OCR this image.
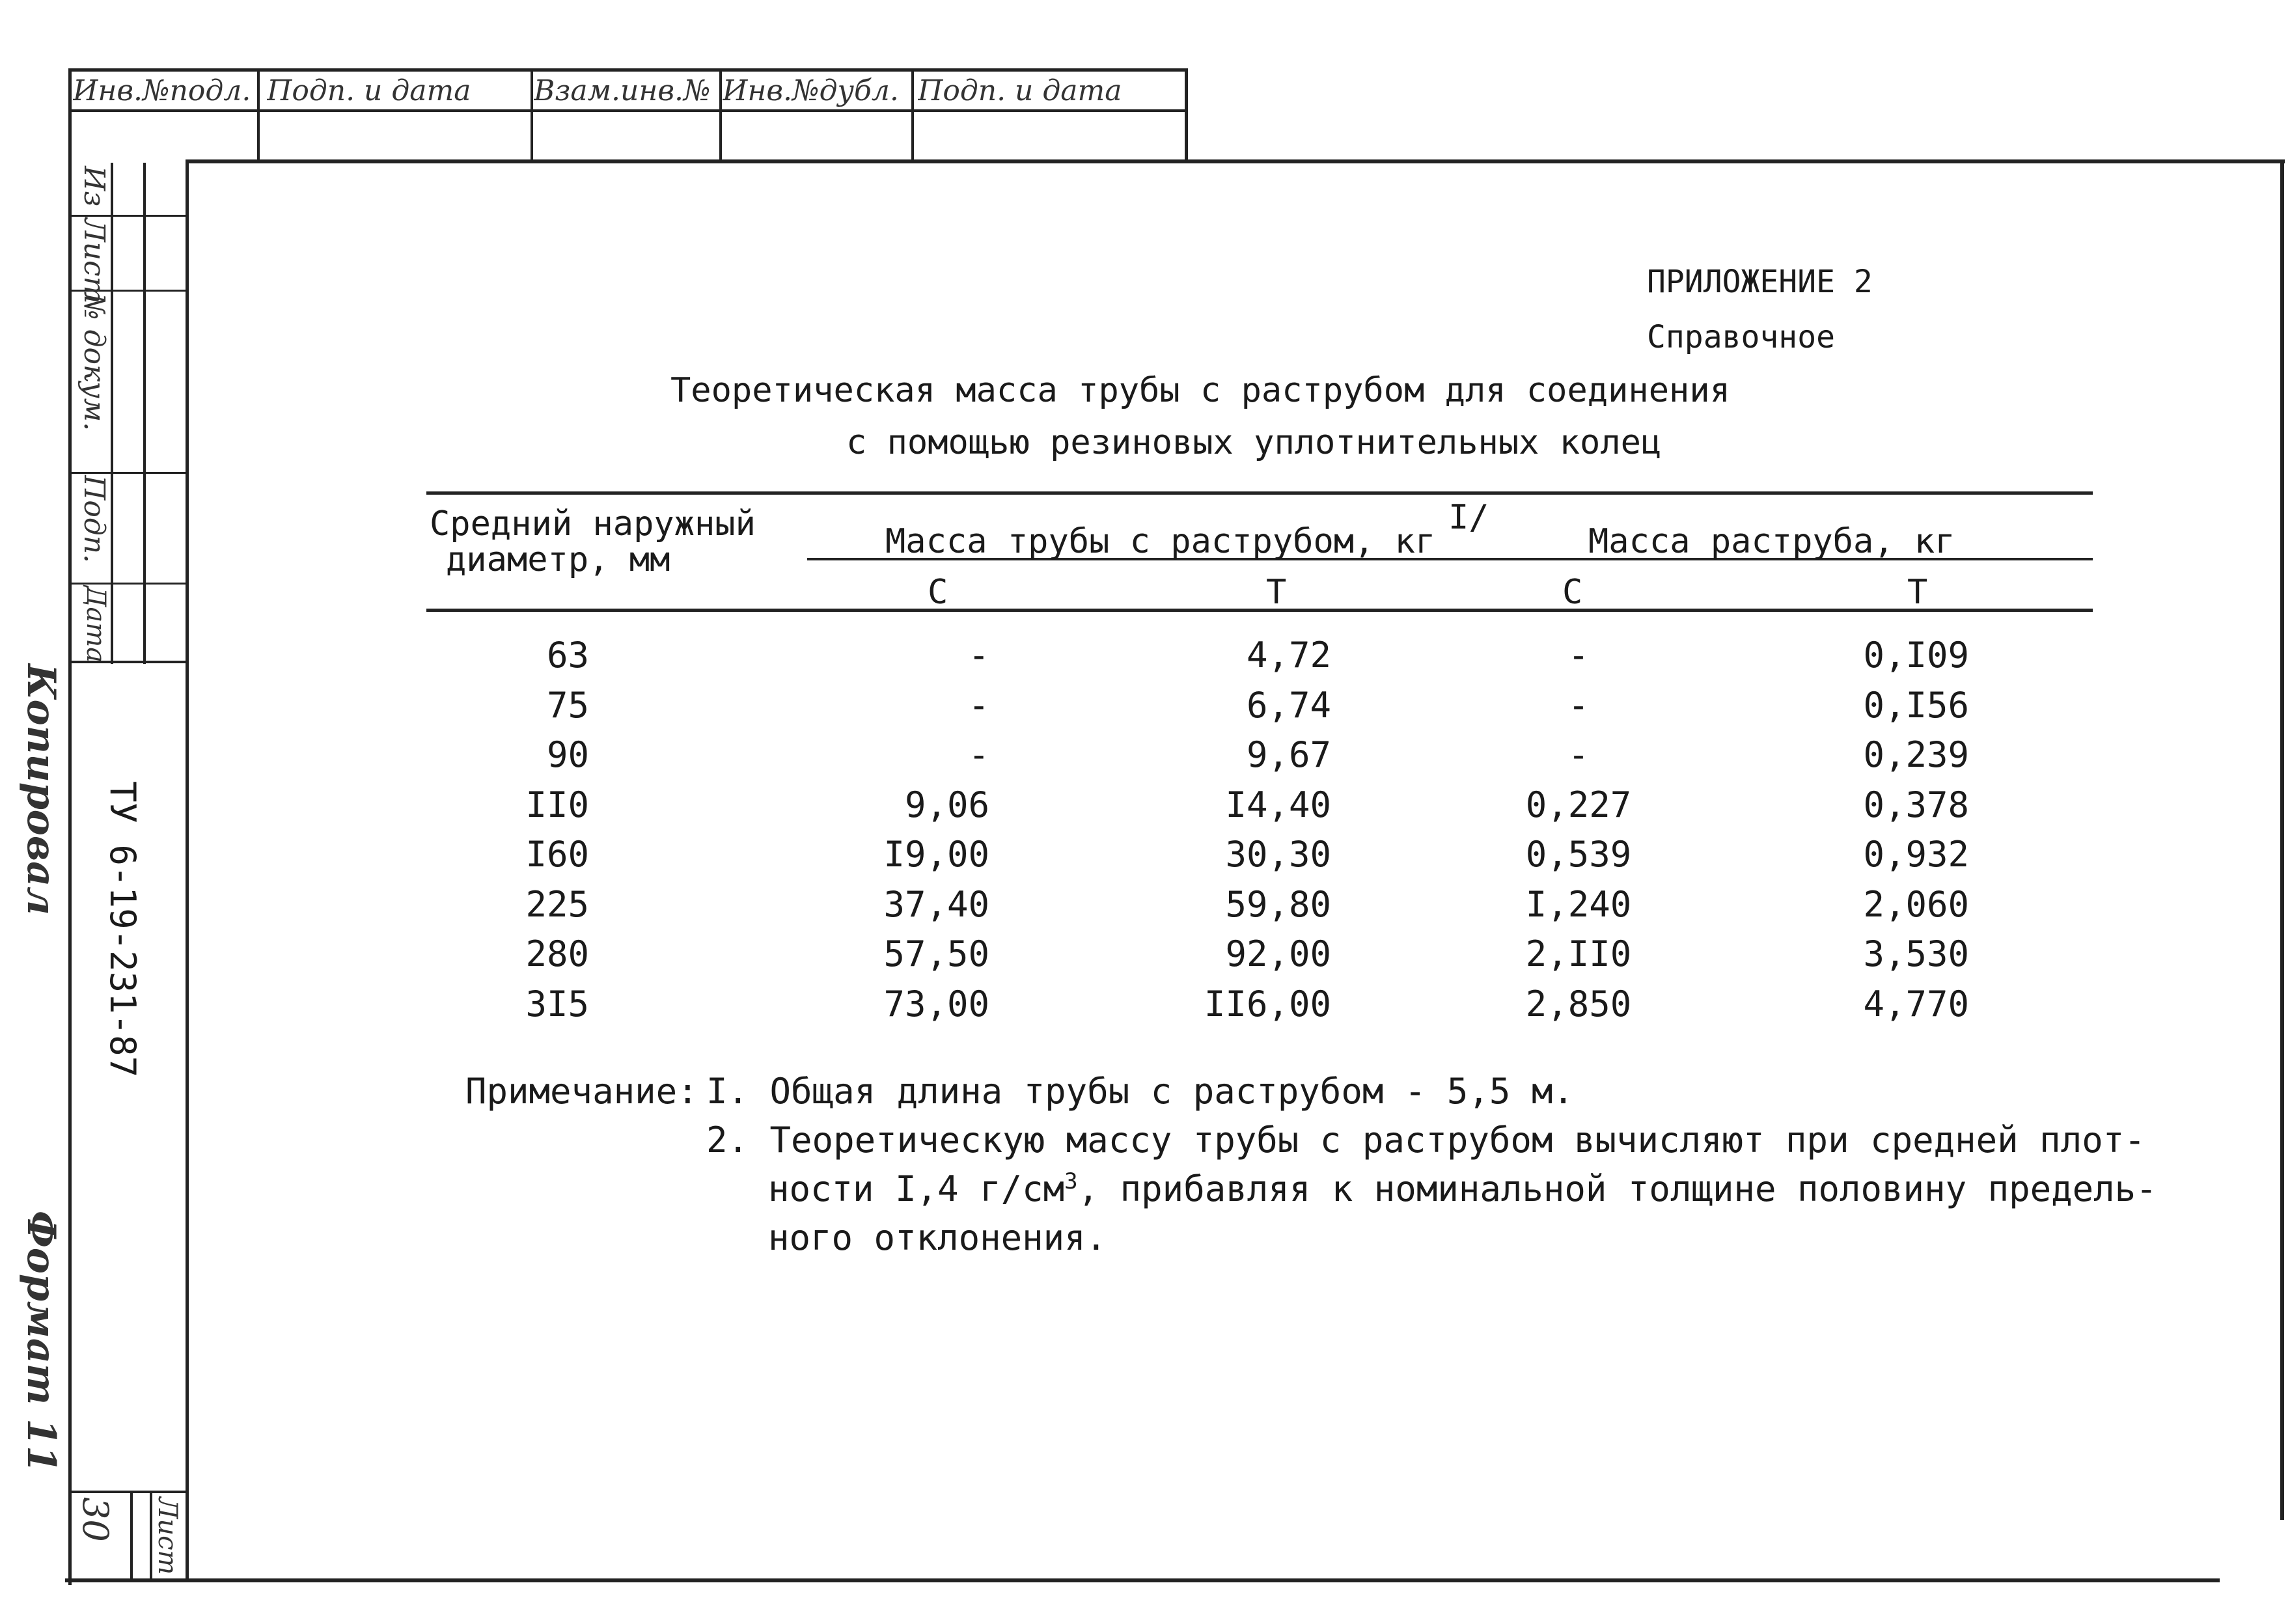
Инв.№подл. Подп. и дата	Взам.инв.№ Инв.№дубл. Подп. и дата
Из
Лист
№ докум.
Подп.
Дата
ТУ 6-19-231-87
Копировал
Формат 11
30 Лист
ПРИЛОЖЕНИЕ 2
Справочное
Теоретическая масса трубы с раструбом для соединения
с помощью резиновых уплотнительных колец
Средний наружный
диаметр, мм	Масса трубы с раструбом, кг
I/
Масса раструба, кг
С	Т	С	Т
63	-	4,72	-	0,I09
75	-	6,74	-	0,I56
90	-	9,67	-	0,239
II0	9,06	I4,40	0,227	0,378
I60	I9,00	30,30	0,539	0,932
225	37,40	59,80	I,240	2,060
280	57,50	92,00	2,II0	3,530
3I5	73,00	II6,00	2,850	4,770
Примечание: I. Общая длина трубы с раструбом - 5,5 м.
2. Теоретическую массу трубы с раструбом вычисляют при средней плот-
ности I,4 $г/см^3$, прибавляя к номинальной толщине половину предель-
ного отклонения.
